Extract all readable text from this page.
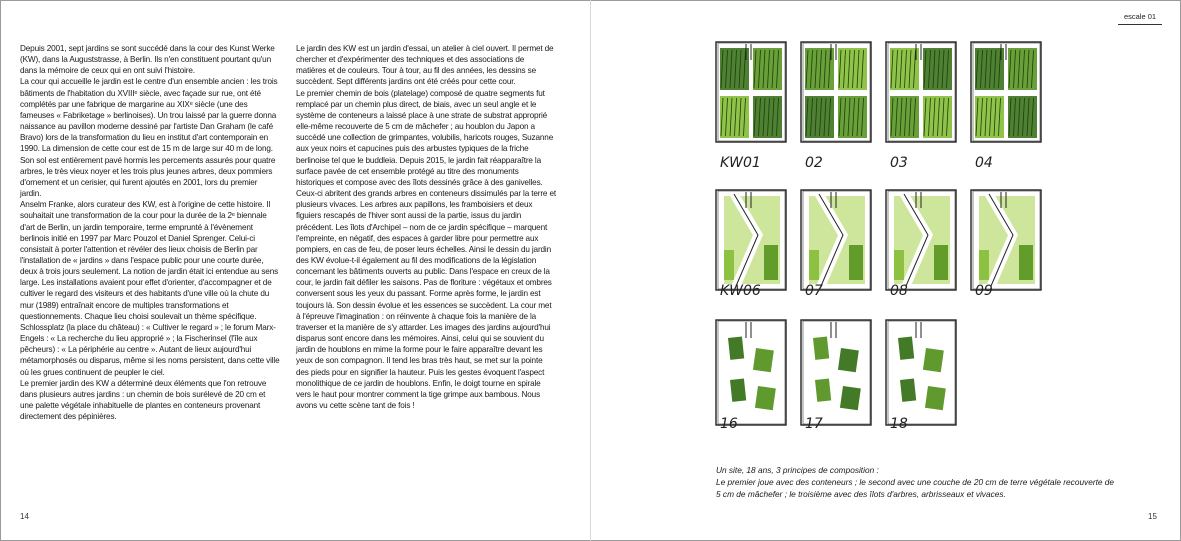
Depuis 2001, sept jardins se sont succédé dans la cour des Kunst Werke (KW), dans la Auguststrasse, à Berlin. Ils n'en constituent pourtant qu'un dans la mémoire de ceux qui en ont suivi l'histoire.

La cour qui accueille le jardin est le centre d'un ensemble ancien : les trois bâtiments de l'habitation du XVIIIᵉ siècle, avec façade sur rue, ont été complétés par une fabrique de margarine au XIXᵉ siècle (une des fameuses « Fabriketage » berlinoises). Un trou laissé par la guerre donna naissance au pavillon moderne dessiné par l'artiste Dan Graham (le café Bravo) lors de la transformation du lieu en institut d'art contemporain en 1990. La dimension de cette cour est de 15 m de large sur 40 m de long. Son sol est entièrement pavé hormis les percements assurés pour quatre arbres, le très vieux noyer et les trois plus jeunes arbres, deux pommiers d'ornement et un cerisier, qui furent ajoutés en 2001, lors du premier jardin.

Anselm Franke, alors curateur des KW, est à l'origine de cette histoire. Il souhaitait une transformation de la cour pour la durée de la 2ᵉ biennale d'art de Berlin, un jardin temporaire, terme emprunté à l'évènement berlinois initié en 1997 par Marc Pouzol et Daniel Sprenger. Celui-ci consistait à porter l'attention et révéler des lieux choisis de Berlin par l'installation de « jardins » dans l'espace public pour une courte durée, deux à trois jours seulement. La notion de jardin était ici entendue au sens large. Les installations avaient pour effet d'orienter, d'accompagner et de cultiver le regard des visiteurs et des habitants d'une ville où la chute du mur (1989) entraînait encore de multiples transformations et questionnements. Chaque lieu choisi soulevait un thème spécifique. Schlossplatz (la place du château) : « Cultiver le regard » ; le forum Marx-Engels : « La recherche du lieu approprié » ; la Fischerinsel (l'île aux pêcheurs) : « La périphérie au centre ». Autant de lieux aujourd'hui métamorphosés ou disparus, même si les noms persistent, dans cette ville où les grues continuent de peupler le ciel.

Le premier jardin des KW a déterminé deux éléments que l'on retrouve dans plusieurs autres jardins : un chemin de bois surélevé de 20 cm et une palette végétale inhabituelle de plantes en conteneurs provenant directement des pépinières.

Le jardin des KW est un jardin d'essai, un atelier à ciel ouvert. Il permet de chercher et d'expérimenter des techniques et des associations de matières et de couleurs. Tour à tour, au fil des années, les dessins se succèdent. Sept différents jardins ont été créés pour cette cour.

Le premier chemin de bois (platelage) composé de quatre segments fut remplacé par un chemin plus direct, de biais, avec un seul angle et le système de conteneurs a laissé place à une strate de substrat approprié elle-même recouverte de 5 cm de mâchefer ; au houblon du Japon a succédé une collection de grimpantes, volubilis, haricots rouges, Suzanne aux yeux noirs et capucines puis des arbustes typiques de la friche berlinoise tel que le buddleia. Depuis 2015, le jardin fait réapparaître la surface pavée de cet ensemble protégé au titre des monuments historiques et compose avec des îlots dessinés grâce à des ganivelles. Ceux-ci abritent des grands arbres en conteneurs dissimulés par la terre et plusieurs vivaces. Les arbres aux papillons, les framboisiers et deux figuiers rescapés de l'hiver sont aussi de la partie, issus du jardin précédent. Les îlots d'Archipel – nom de ce jardin spécifique – marquent l'empreinte, en négatif, des espaces à garder libre pour permettre aux pompiers, en cas de feu, de poser leurs échelles. Ainsi le dessin du jardin des KW évolue-t-il également au fil des modifications de la législation concernant les bâtiments ouverts au public. Dans l'espace en creux de la cour, le jardin fait défiler les saisons. Pas de floriture : végétaux et ombres conversent sous les yeux du passant. Forme après forme, le jardin est toujours là. Son dessin évolue et les essences se succèdent. La cour met à l'épreuve l'imagination : on réinvente à chaque fois la manière de la traverser et la manière de s'y attarder. Les images des jardins aujourd'hui disparus sont encore dans les mémoires. Ainsi, celui qui se souvient du jardin de houblons en mime la forme pour le faire apparaître devant les yeux de son compagnon. Il tend les bras très haut, se met sur la pointe des pieds pour en signifier la hauteur. Puis les gestes évoquent l'aspect monolithique de ce jardin de houblons. Enfin, le doigt tourne en spirale vers le haut pour montrer comment la tige grimpe aux bambous. Nous avons vu cette scène tant de fois !

14	15
escale 01
KW01	02	03	04
KW06	07	08	09
16	17	18

Un site, 18 ans, 3 principes de composition :

Le premier joue avec des conteneurs ; le second avec une couche de 20 cm de terre végétale recouverte de 5 cm de mâchefer ; le troisième avec des îlots d'arbres, arbrisseaux et vivaces.
